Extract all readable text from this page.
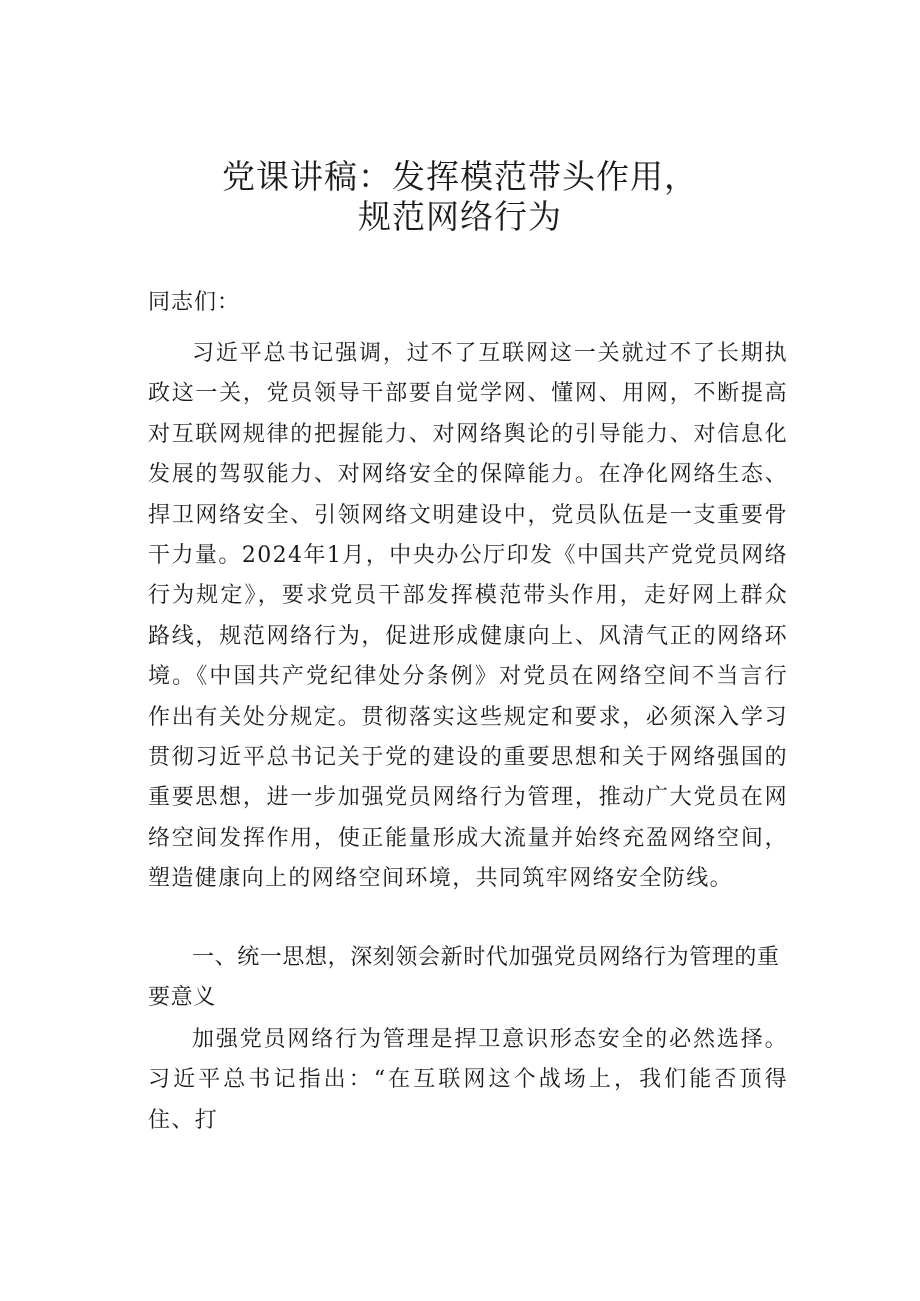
党课讲稿：发挥模范带头作用，
规范网络行为
同志们：

习近平总书记强调，过不了互联网这一关就过不了长期执政这一关，党员领导干部要自觉学网、懂网、用网，不断提高对互联网规律的把握能力、对网络舆论的引导能力、对信息化发展的驾驭能力、对网络安全的保障能力。在净化网络生态、捍卫网络安全、引领网络文明建设中，党员队伍是一支重要骨干力量。2024年1月，中央办公厅印发《中国共产党党员网络行为规定》，要求党员干部发挥模范带头作用，走好网上群众路线，规范网络行为，促进形成健康向上、风清气正的网络环境。《中国共产党纪律处分条例》对党员在网络空间不当言行作出有关处分规定。贯彻落实这些规定和要求，必须深入学习贯彻习近平总书记关于党的建设的重要思想和关于网络强国的重要思想，进一步加强党员网络行为管理，推动广大党员在网络空间发挥作用，使正能量形成大流量并始终充盈网络空间，塑造健康向上的网络空间环境，共同筑牢网络安全防线。

一、统一思想，深刻领会新时代加强党员网络行为管理的重要意义

加强党员网络行为管理是捍卫意识形态安全的必然选择。习近平总书记指出：“在互联网这个战场上，我们能否顶得住、打
